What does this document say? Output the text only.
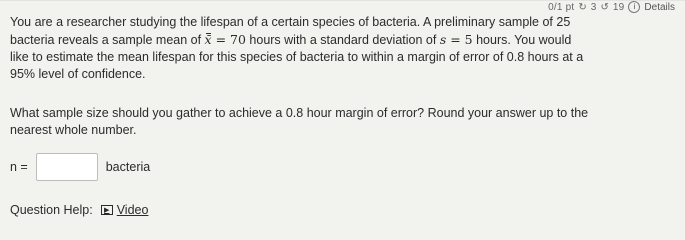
0/1 pt ↻ 3 ↺ 19	i Details

You are a researcher studying the lifespan of a certain species of bacteria. A preliminary sample of 25

bacteria reveals a sample mean of x̄ = 70 hours with a standard deviation of s = 5 hours. You would

like to estimate the mean lifespan for this species of bacteria to within a margin of error of 0.8 hours at a

95% level of confidence.

What sample size should you gather to achieve a 0.8 hour margin of error? Round your answer up to the

nearest whole number.

n =	bacteria
Question Help:	▶ Video
